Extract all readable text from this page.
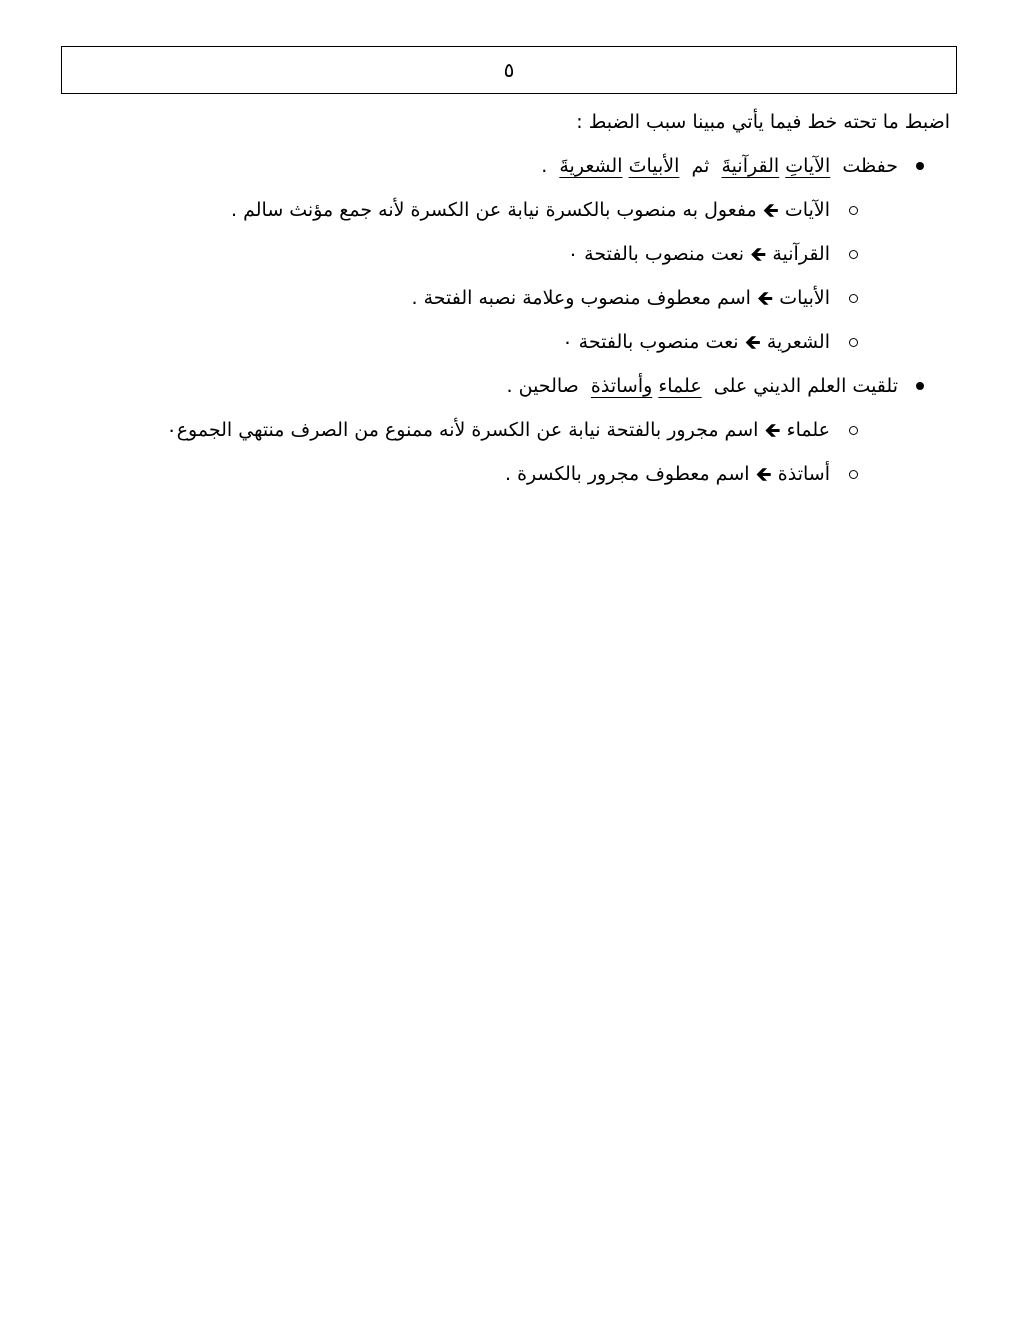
٥

اضبط ما تحته خط فيما يأتي مبينا سبب الضبط :

حفظت  الآياتِ القرآنيةَ  ثم  الأبياتَ الشعريةَ  .
الآيات
🡸
مفعول به منصوب بالكسرة نيابة عن الكسرة لأنه جمع مؤنث سالم .
القرآنية
🡸
نعت منصوب بالفتحة ٠
الأبيات
🡸
اسم معطوف منصوب وعلامة نصبه الفتحة .
الشعرية
🡸
نعت منصوب بالفتحة ٠
تلقيت العلم الديني على  علماء وأساتذة  صالحين .
علماء
🡸
اسم مجرور بالفتحة نيابة عن الكسرة لأنه ممنوع من الصرف منتهي الجموع٠
أساتذة
🡸
اسم معطوف مجرور بالكسرة .
